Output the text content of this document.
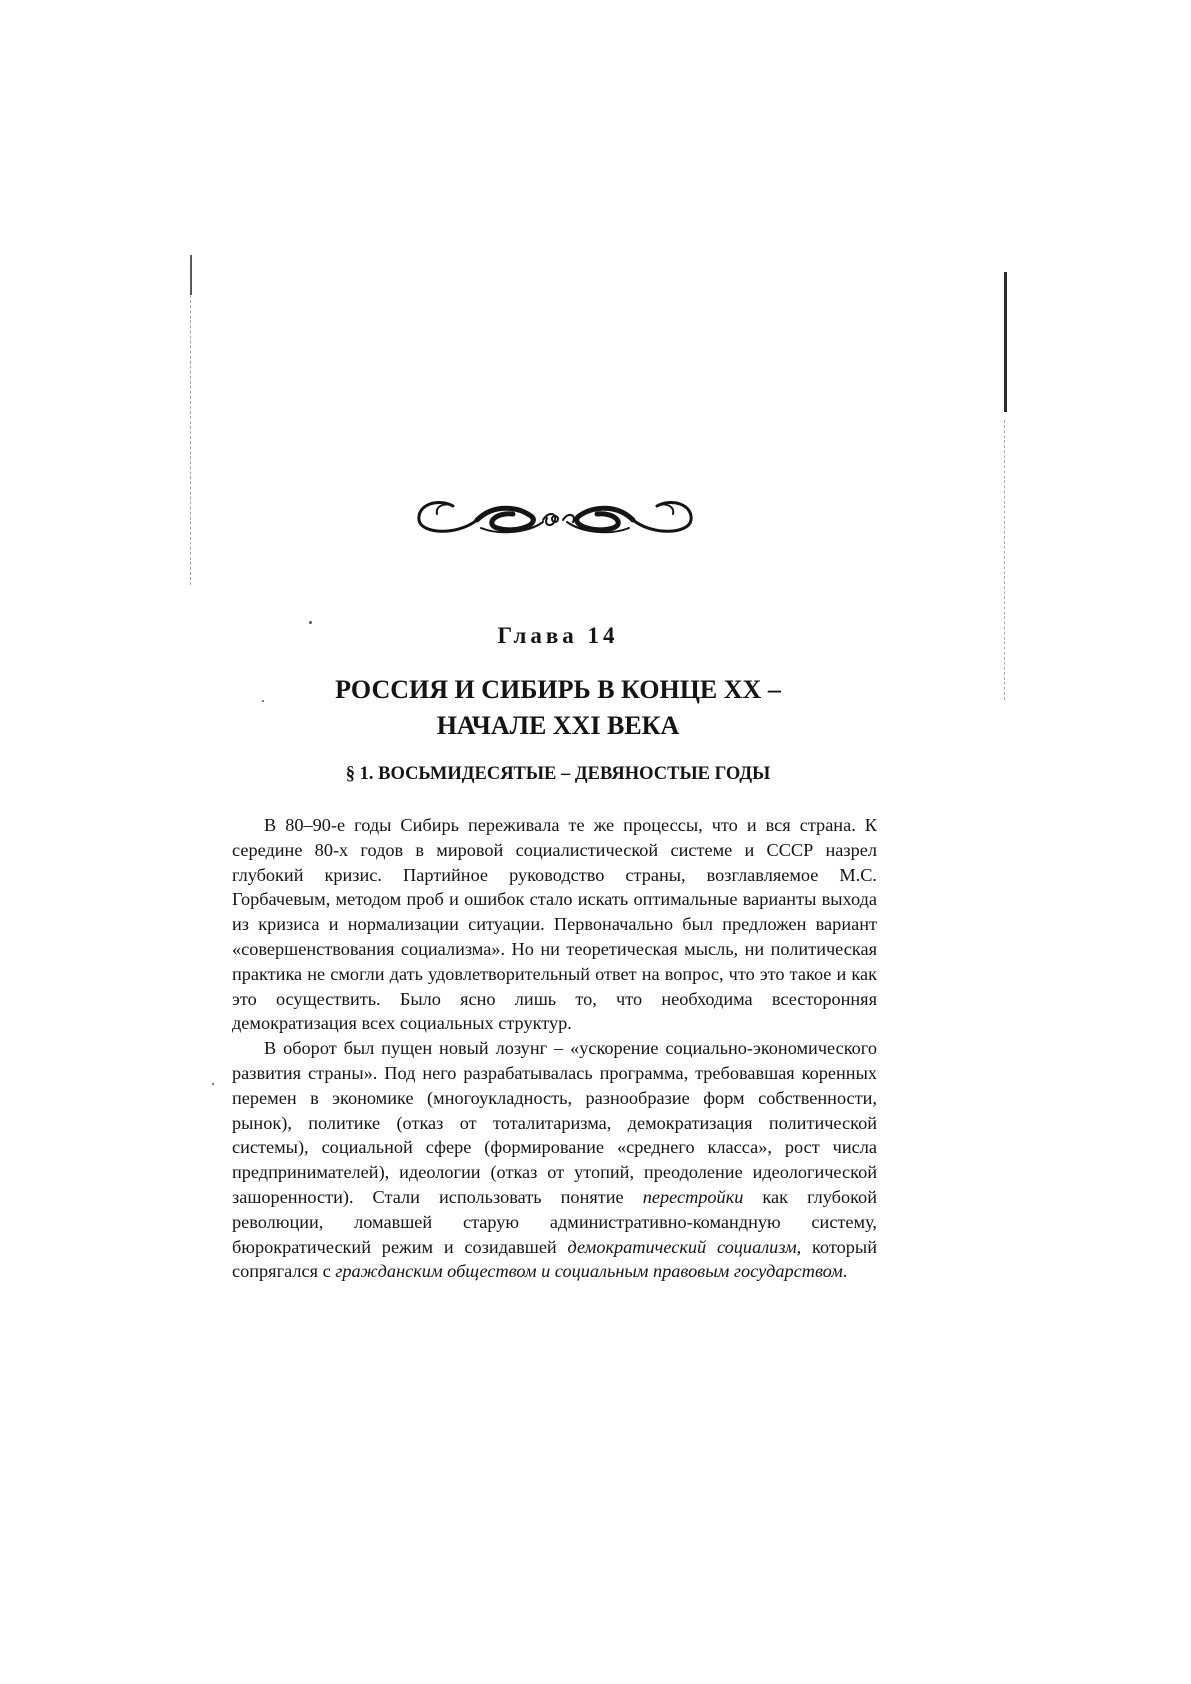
Глава 14
РОССИЯ И СИБИРЬ В КОНЦЕ XX –
НАЧАЛЕ XXI ВЕКА
§ 1. ВОСЬМИДЕСЯТЫЕ – ДЕВЯНОСТЫЕ ГОДЫ

В 80–90-е годы Сибирь переживала те же процессы, что и вся страна. К середине 80-х годов в мировой социалистической системе и СССР назрел глубокий кризис. Партийное руководство страны, возглавляемое М.С. Горбачевым, методом проб и ошибок стало искать оптимальные варианты выхода из кризиса и нормализации ситуации. Первоначально был предложен вариант «совершенствования социализма». Но ни теоретическая мысль, ни политическая практика не смогли дать удовлетворительный ответ на вопрос, что это такое и как это осуществить. Было ясно лишь то, что необходима всесторонняя демократизация всех социальных структур.

В оборот был пущен новый лозунг – «ускорение социально-экономического развития страны». Под него разрабатывалась программа, требовавшая коренных перемен в экономике (многоукладность, разнообразие форм собственности, рынок), политике (отказ от тоталитаризма, демократизация политической системы), социальной сфере (формирование «среднего класса», рост числа предпринимателей), идеологии (отказ от утопий, преодоление идеологической зашоренности). Стали использовать понятие перестройки как глубокой революции, ломавшей старую административно-командную систему, бюрократический режим и созидавшей демократический социализм, который сопрягался с гражданским обществом и социальным правовым государством.
